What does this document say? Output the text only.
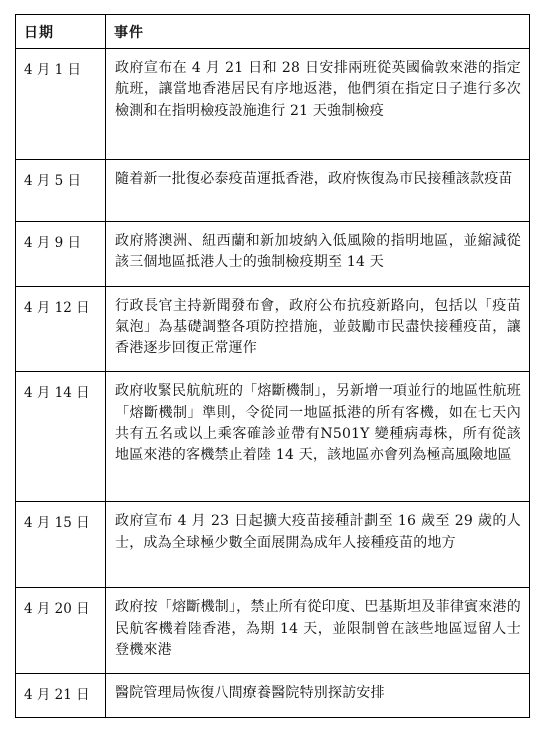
日期	事件
4 月 1 日	政府宣布在 4 月 21 日和 28 日安排兩班從英國倫敦來港的指定航班，讓當地香港居民有序地返港，他們須在指定日子進行多次檢測和在指明檢疫設施進行 21 天強制檢疫
4 月 5 日	隨着新一批復必泰疫苗運抵香港，政府恢復為市民接種該款疫苗
4 月 9 日	政府將澳洲、紐西蘭和新加坡納入低風險的指明地區，並縮減從該三個地區抵港人士的強制檢疫期至 14 天
4 月 12 日	行政長官主持新聞發布會，政府公布抗疫新路向，包括以「疫苗氣泡」為基礎調整各項防控措施，並鼓勵市民盡快接種疫苗，讓香港逐步回復正常運作
4 月 14 日	政府收緊民航航班的「熔斷機制」，另新增一項並行的地區性航班「熔斷機制」準則，令從同一地區抵港的所有客機，如在七天內共有五名或以上乘客確診並帶有N501Y 變種病毒株，所有從該地區來港的客機禁止着陸 14 天，該地區亦會列為極高風險地區
4 月 15 日	政府宣布 4 月 23 日起擴大疫苗接種計劃至 16 歲至 29 歲的人士，成為全球極少數全面展開為成年人接種疫苗的地方
4 月 20 日	政府按「熔斷機制」，禁止所有從印度、巴基斯坦及菲律賓來港的民航客機着陸香港，為期 14 天，並限制曾在該些地區逗留人士登機來港
4 月 21 日	醫院管理局恢復八間療養醫院特別探訪安排
